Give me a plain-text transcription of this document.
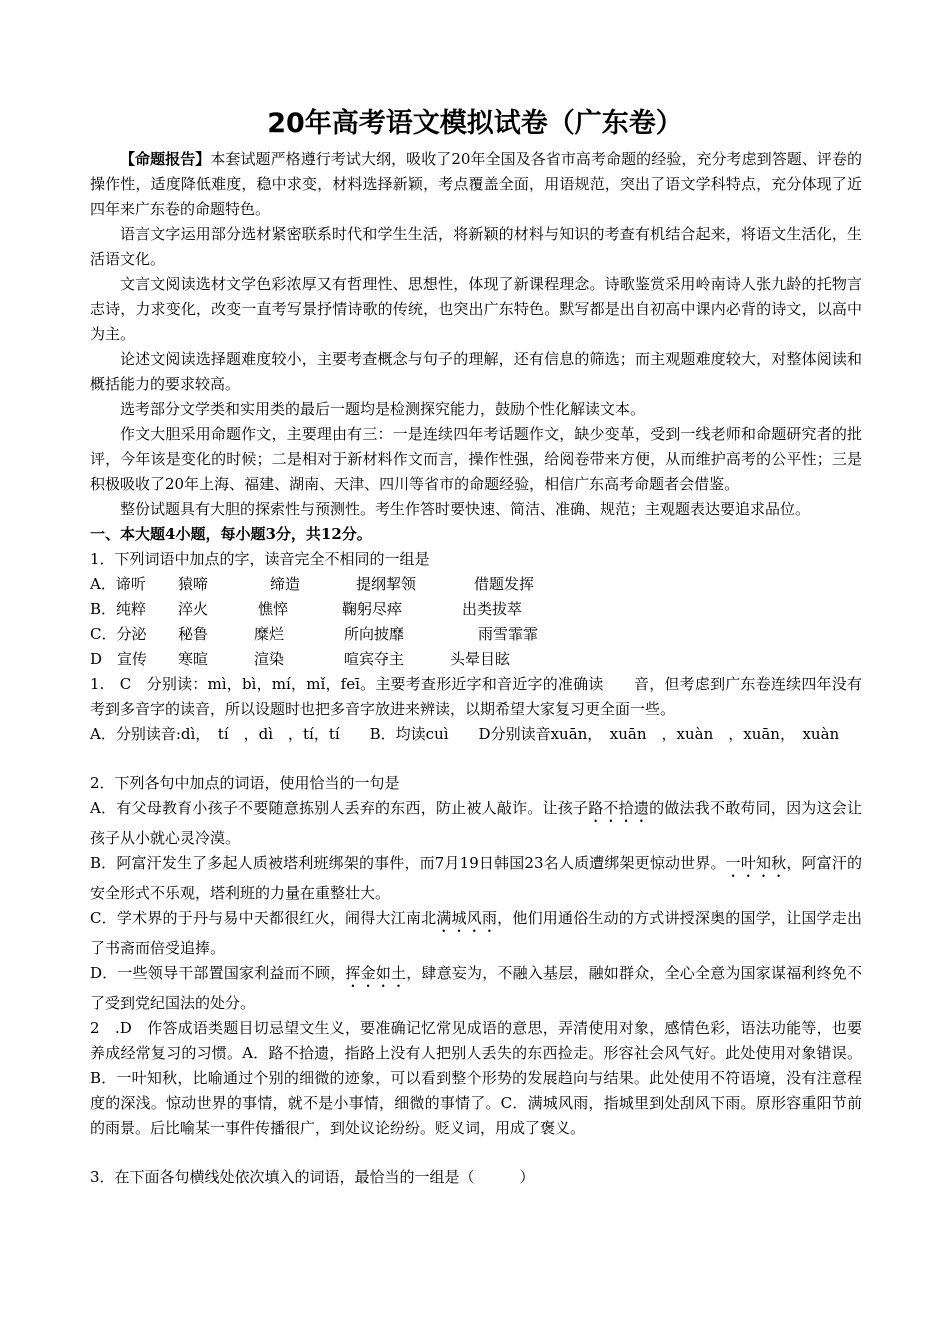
20年高考语文模拟试卷（广东卷）

【命题报告】本套试题严格遵行考试大纲，吸收了20年全国及各省市高考命题的经验，充分考虑到答题、评卷的操作性，适度降低难度，稳中求变，材料选择新颖，考点覆盖全面，用语规范，突出了语文学科特点，充分体现了近四年来广东卷的命题特色。

语言文字运用部分选材紧密联系时代和学生生活，将新颖的材料与知识的考查有机结合起来，将语文生活化，生活语文化。

文言文阅读选材文学色彩浓厚又有哲理性、思想性，体现了新课程理念。诗歌鉴赏采用岭南诗人张九龄的托物言志诗，力求变化，改变一直考写景抒情诗歌的传统，也突出广东特色。默写都是出自初高中课内必背的诗文，以高中为主。

论述文阅读选择题难度较小，主要考查概念与句子的理解，还有信息的筛选；而主观题难度较大，对整体阅读和概括能力的要求较高。

选考部分文学类和实用类的最后一题均是检测探究能力，鼓励个性化解读文本。

作文大胆采用命题作文，主要理由有三：一是连续四年考话题作文，缺少变革，受到一线老师和命题研究者的批评，今年该是变化的时候；二是相对于新材料作文而言，操作性强，给阅卷带来方便，从而维护高考的公平性；三是积极吸收了20年上海、福建、湖南、天津、四川等省市的命题经验，相信广东高考命题者会借鉴。

整份试题具有大胆的探索性与预测性。考生作答时要快速、简洁、准确、规范；主观题表达要追求品位。

一、本大题4小题，每小题3分，共12分。

1．下列词语中加点的字，读音完全不相同的一组是

A．谛听	猿啼	缔造	提纲挈领	借题发挥
B．纯粹	淬火	憔悴	鞠躬尽瘁	出类拔萃
C．分泌	秘鲁	糜烂	所向披靡	雨雪霏霏
D　宣传	寒暄	渲染	喧宾夺主	头晕目眩

1.　C　分别读：mì，bì，mí，mǐ，feī。主要考查形近字和音近字的准确读　　音，但考虑到广东卷连续四年没有考到多音字的读音，所以设题时也把多音字放进来辨读，以期希望大家复习更全面一些。

A．分别读音:dì，　tí　，dì　，tí，tí　　B．均读cuì　　D分别读音xuān，　xuān　，xuàn　，xuān，　xuàn

2．下列各句中加点的词语，使用恰当的一句是

A．有父母教育小孩子不要随意拣别人丢弃的东西，防止被人敲诈。让孩子路不拾遗的做法我不敢苟同，因为这会让孩子从小就心灵冷漠。

B．阿富汗发生了多起人质被塔利班绑架的事件，而7月19日韩国23名人质遭绑架更惊动世界。一叶知秋，阿富汗的安全形式不乐观，塔利班的力量在重整壮大。

C．学术界的于丹与易中天都很红火，闹得大江南北满城风雨，他们用通俗生动的方式讲授深奥的国学，让国学走出了书斋而倍受追捧。

D．一些领导干部置国家利益而不顾，挥金如土，肆意妄为，不融入基层，融如群众，全心全意为国家谋福利终免不了受到党纪国法的处分。

2　.D　作答成语类题目切忌望文生义，要准确记忆常见成语的意思，弄清使用对象，感情色彩，语法功能等，也要养成经常复习的习惯。A．路不拾遗，指路上没有人把别人丢失的东西捡走。形容社会风气好。此处使用对象错误。B．一叶知秋，比喻通过个别的细微的迹象，可以看到整个形势的发展趋向与结果。此处使用不符语境，没有注意程度的深浅。惊动世界的事情，就不是小事情，细微的事情了。C．满城风雨，指城里到处刮风下雨。原形容重阳节前的雨景。后比喻某一事件传播很广，到处议论纷纷。贬义词，用成了褒义。

3．在下面各句横线处依次填入的词语，最恰当的一组是（　　　）
